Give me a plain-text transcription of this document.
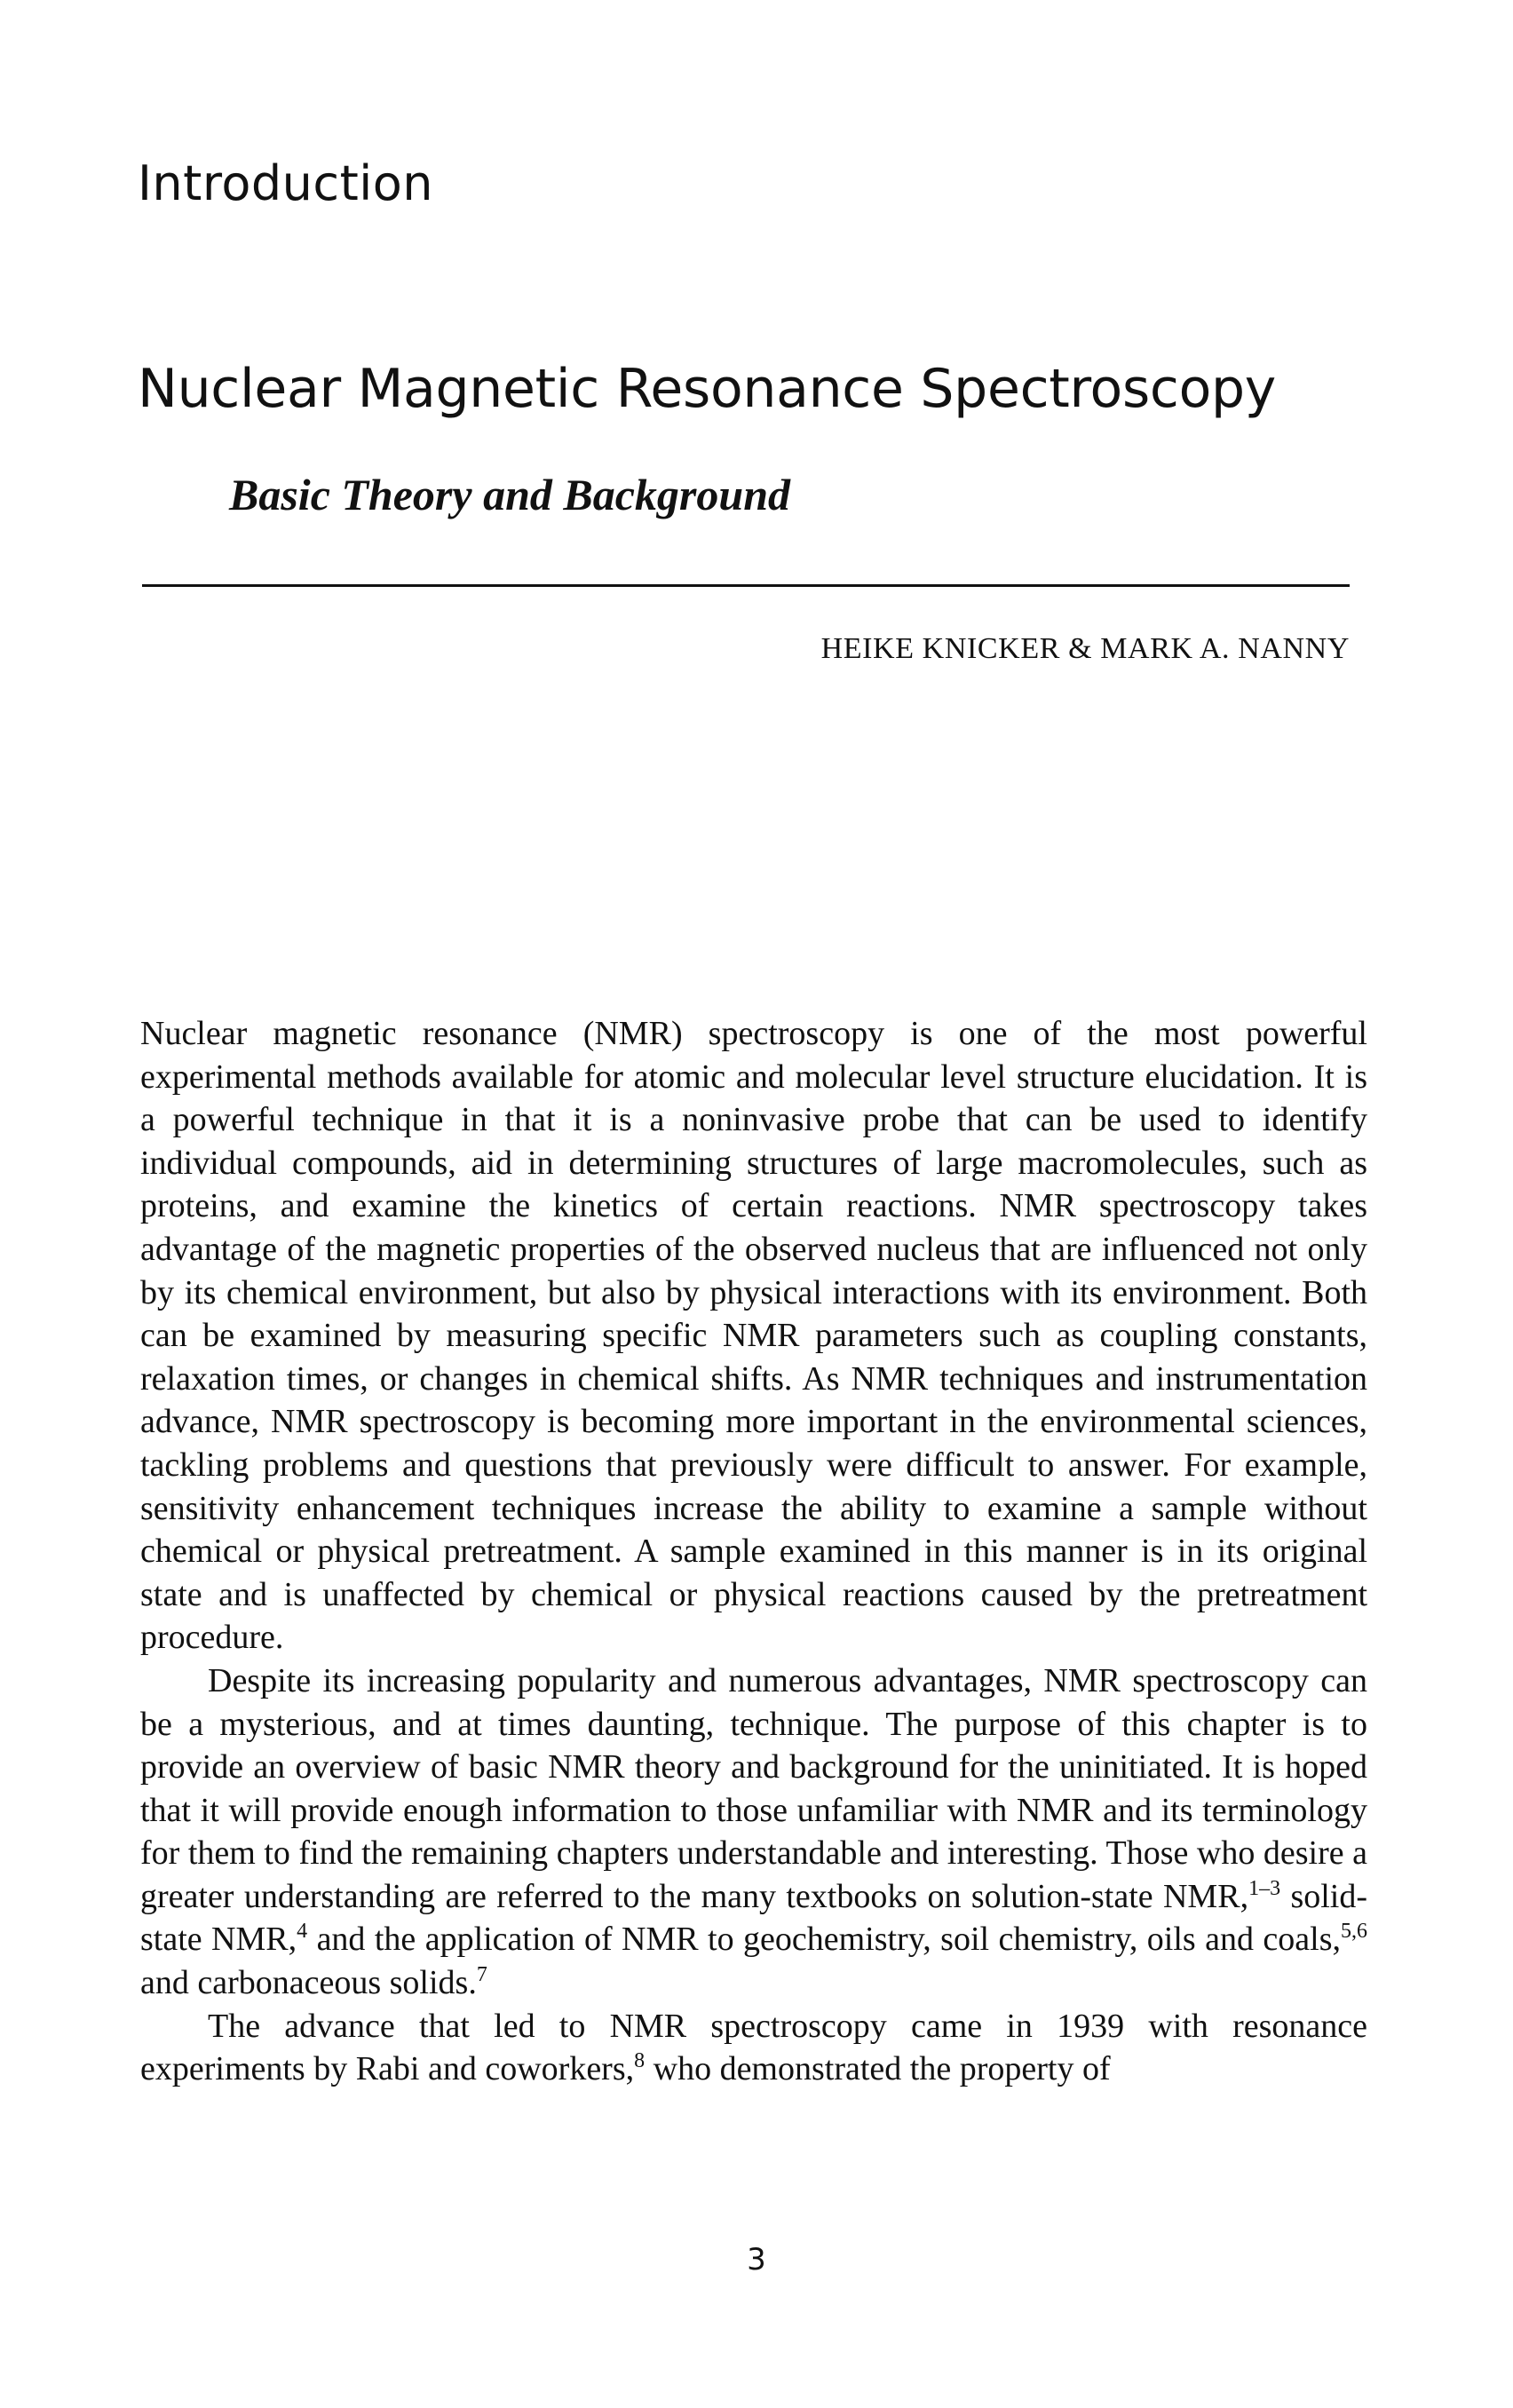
Introduction
Nuclear Magnetic Resonance Spectroscopy
Basic Theory and Background

HEIKE KNICKER & MARK A. NANNY

Nuclear magnetic resonance (NMR) spectroscopy is one of the most powerful experimental methods available for atomic and molecular level structure elucidation. It is a powerful technique in that it is a noninvasive probe that can be used to identify individual compounds, aid in determining structures of large macromolecules, such as proteins, and examine the kinetics of certain reactions. NMR spectroscopy takes advantage of the magnetic properties of the observed nucleus that are influenced not only by its chemical environment, but also by physical interactions with its environment. Both can be examined by measuring specific NMR parameters such as coupling constants, relaxation times, or changes in chemical shifts. As NMR techniques and instrumentation advance, NMR spectroscopy is becoming more important in the environmental sciences, tackling problems and questions that previously were difficult to answer. For example, sensitivity enhancement techniques increase the ability to examine a sample without chemical or physical pretreatment. A sample examined in this manner is in its original state and is unaffected by chemical or physical reactions caused by the pretreatment procedure.

Despite its increasing popularity and numerous advantages, NMR spectroscopy can be a mysterious, and at times daunting, technique. The purpose of this chapter is to provide an overview of basic NMR theory and background for the uninitiated. It is hoped that it will provide enough information to those unfamiliar with NMR and its terminology for them to find the remaining chapters understandable and interesting. Those who desire a greater understanding are referred to the many textbooks on solution-state NMR,$^{1-3}$ solid-state NMR,$^4$ and the application of NMR to geochemistry, soil chemistry, oils and coals,$^{5,6}$ and carbonaceous solids.$^7$

The advance that led to NMR spectroscopy came in 1939 with resonance experiments by Rabi and coworkers,$^8$ who demonstrated the property of

3
